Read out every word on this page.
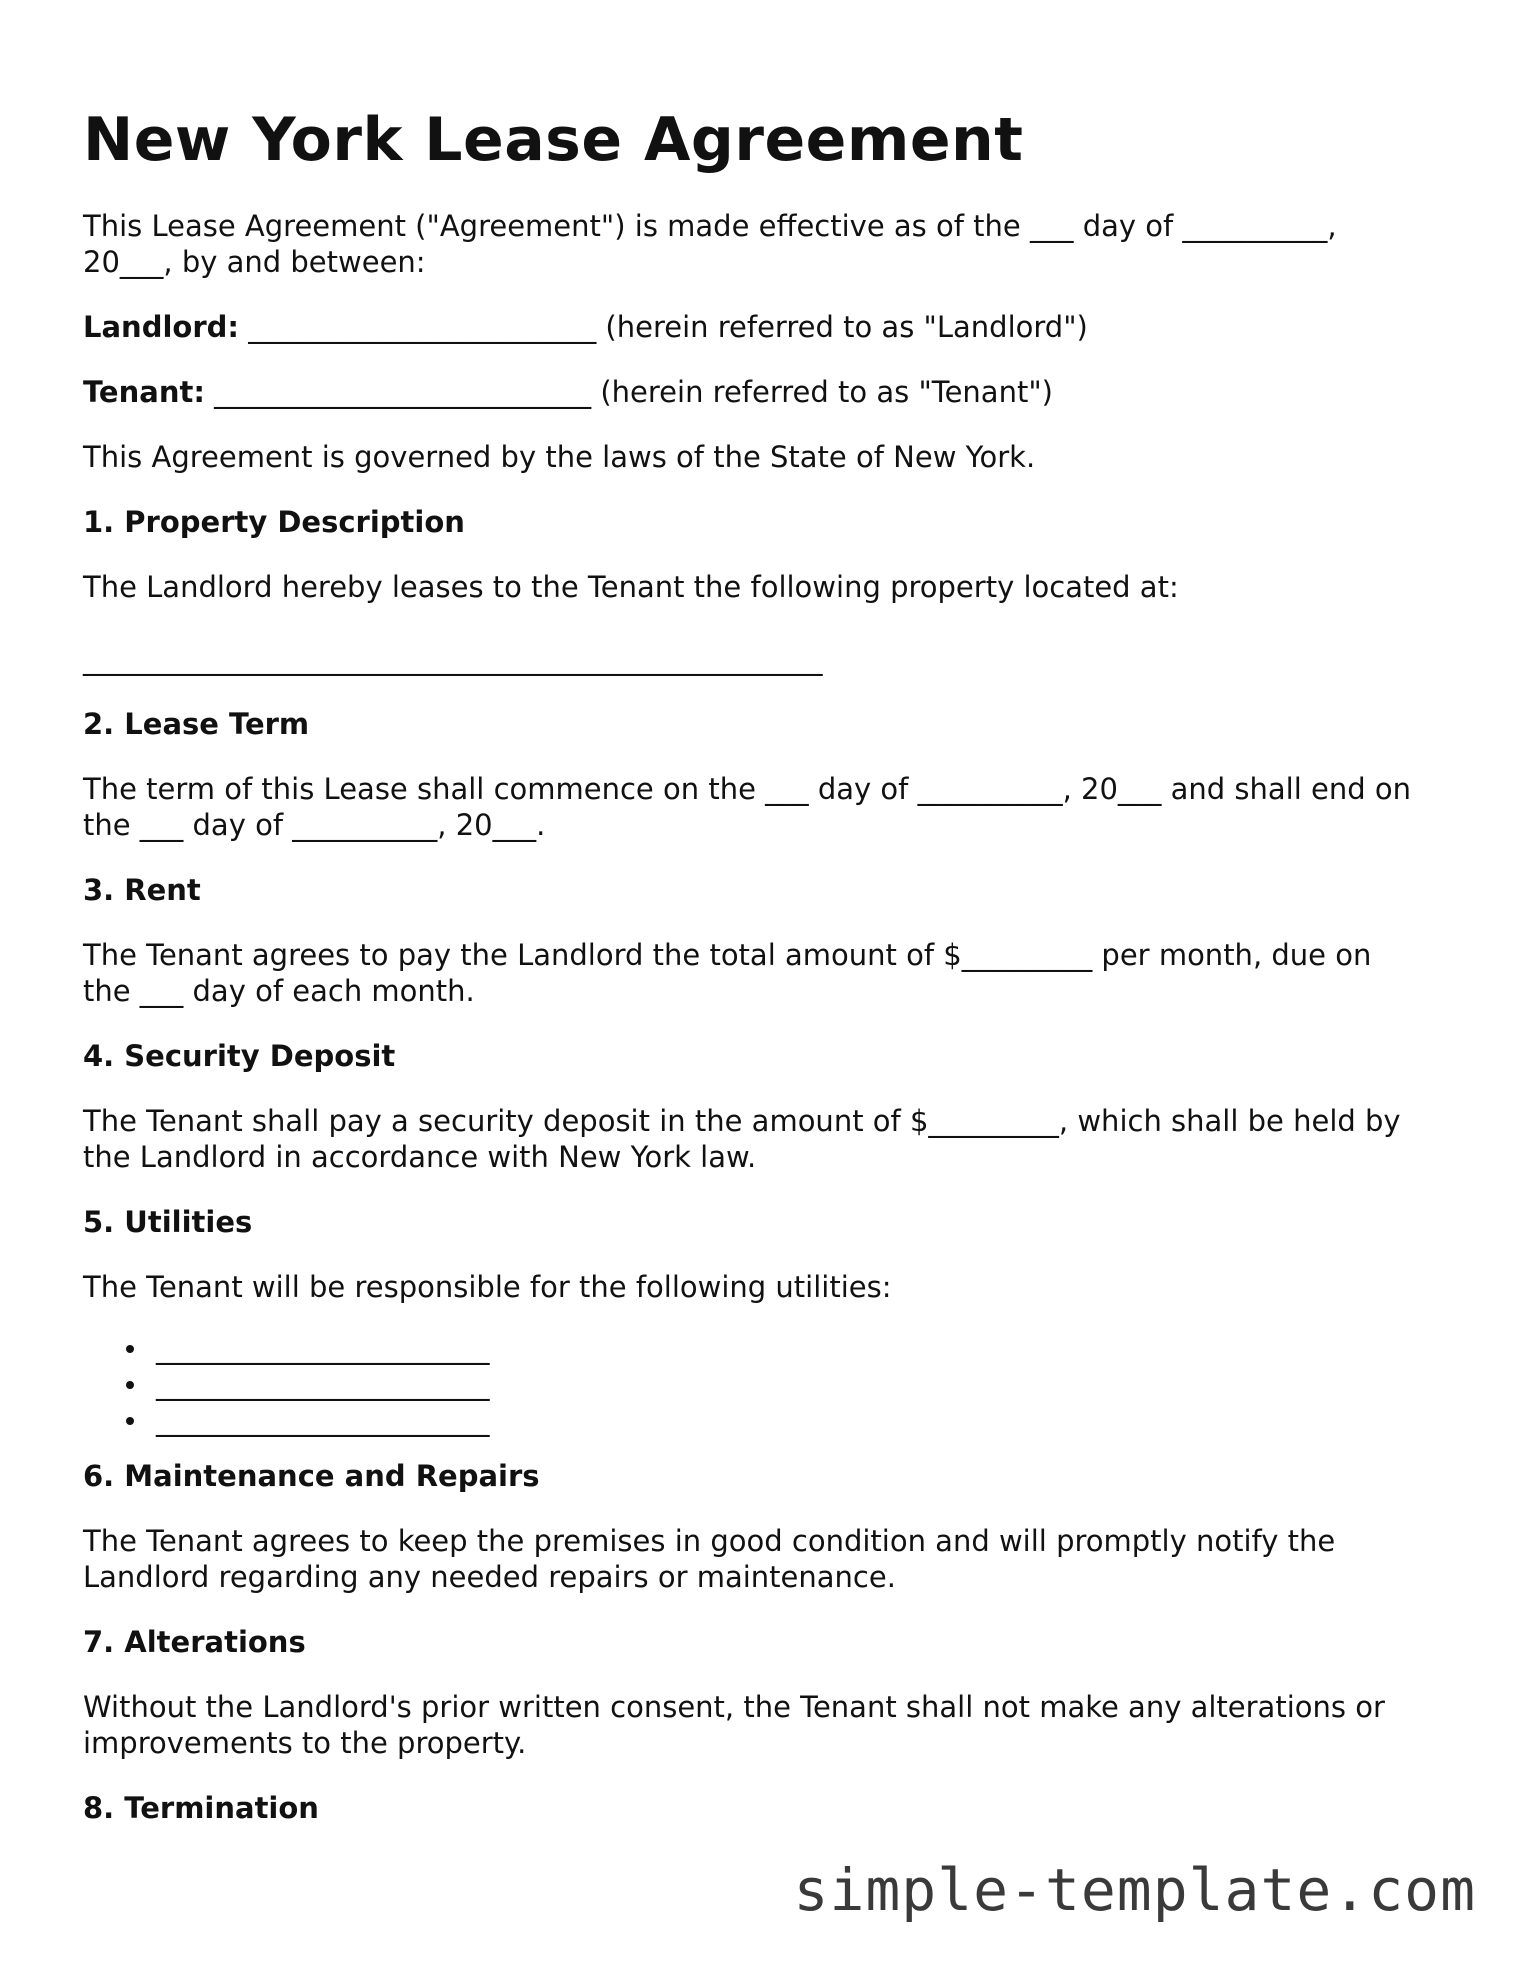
New York Lease Agreement

This Lease Agreement ("Agreement") is made effective as of the ___ day of __________, 20___, by and between:

Landlord: ________________________ (herein referred to as "Landlord")

Tenant: __________________________ (herein referred to as "Tenant")

This Agreement is governed by the laws of the State of New York.

1. Property Description

The Landlord hereby leases to the Tenant the following property located at:

___________________________________________________

2. Lease Term

The term of this Lease shall commence on the ___ day of __________, 20___ and shall end on the ___ day of __________, 20___.

3. Rent

The Tenant agrees to pay the Landlord the total amount of $_________ per month, due on the ___ day of each month.

4. Security Deposit

The Tenant shall pay a security deposit in the amount of $_________, which shall be held by the Landlord in accordance with New York law.

5. Utilities

The Tenant will be responsible for the following utilities:

_______________________
_______________________
_______________________
6. Maintenance and Repairs

The Tenant agrees to keep the premises in good condition and will promptly notify the Landlord regarding any needed repairs or maintenance.

7. Alterations

Without the Landlord's prior written consent, the Tenant shall not make any alterations or improvements to the property.

8. Termination
simple-template.com
